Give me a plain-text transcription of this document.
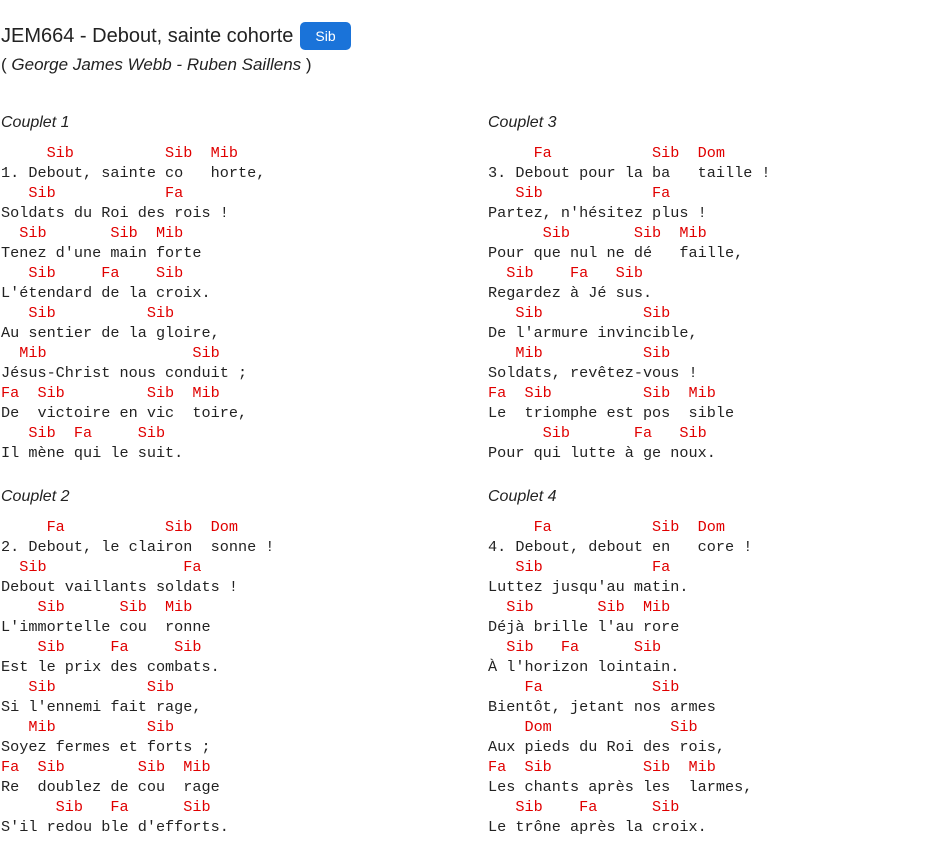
JEM664 - Debout, sainte cohorte	Sib
( George James Webb - Ruben Saillens )
Couplet 1
Sib          Sib  Mib
1. Debout, sainte co   horte,
Sib            Fa
Soldats du Roi des rois !
Sib       Sib  Mib
Tenez d'une main forte
Sib     Fa    Sib
L'étendard de la croix.
Sib          Sib
Au sentier de la gloire,
Mib                Sib
Jésus-Christ nous conduit ;
Fa  Sib         Sib  Mib
De  victoire en vic  toire,
Sib  Fa     Sib
Il mène qui le suit.
Couplet 2
Fa           Sib  Dom
2. Debout, le clairon  sonne !
Sib               Fa
Debout vaillants soldats !
Sib      Sib  Mib
L'immortelle cou  ronne
Sib     Fa     Sib
Est le prix des combats.
Sib          Sib
Si l'ennemi fait rage,
Mib          Sib
Soyez fermes et forts ;
Fa  Sib        Sib  Mib
Re  doublez de cou  rage
Sib   Fa      Sib
S'il redou ble d'efforts.
Couplet 3
Fa           Sib  Dom
3. Debout pour la ba   taille !
Sib            Fa
Partez, n'hésitez plus !
Sib       Sib  Mib
Pour que nul ne dé   faille,
Sib    Fa   Sib
Regardez à Jé sus.
Sib           Sib
De l'armure invincible,
Mib           Sib
Soldats, revêtez-vous !
Fa  Sib          Sib  Mib
Le  triomphe est pos  sible
Sib       Fa   Sib
Pour qui lutte à ge noux.
Couplet 4
Fa           Sib  Dom
4. Debout, debout en   core !
Sib            Fa
Luttez jusqu'au matin.
Sib       Sib  Mib
Déjà brille l'au rore
Sib   Fa      Sib
À l'horizon lointain.
Fa            Sib
Bientôt, jetant nos armes
Dom             Sib
Aux pieds du Roi des rois,
Fa  Sib          Sib  Mib
Les chants après les  larmes,
Sib    Fa      Sib
Le trône après la croix.
